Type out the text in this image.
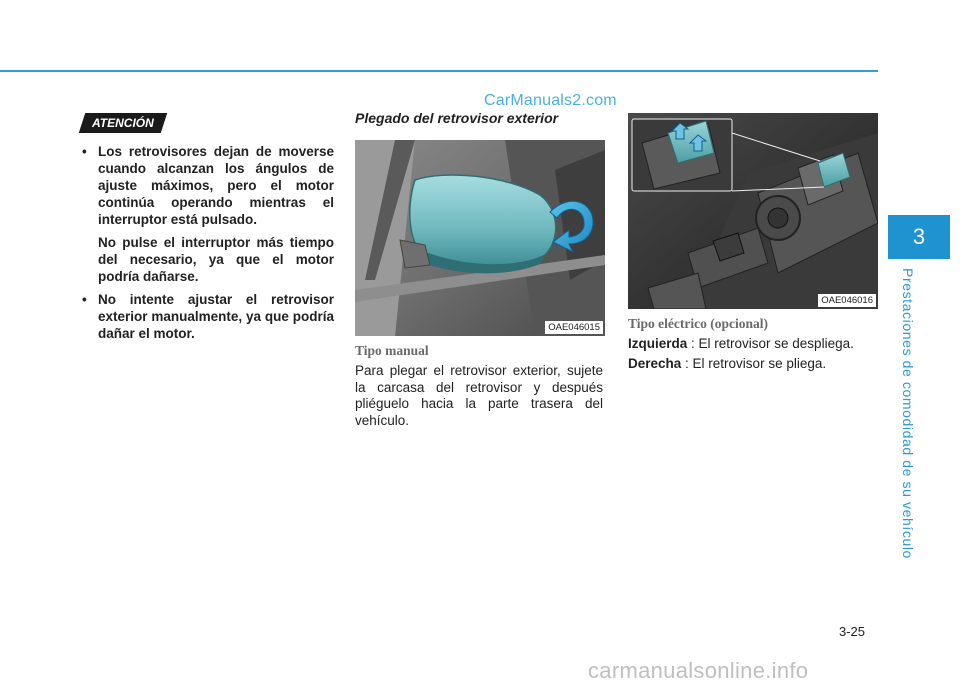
CarManuals2.com
ATENCIÓN

• Los retrovisores dejan de moverse cuando alcanzan los ángulos de ajuste máximos, pero el motor continúa operando mientras el interruptor está pulsado.

No pulse el interruptor más tiempo del necesario, ya que el motor podría dañarse.

• No intente ajustar el retrovisor exterior manualmente, ya que podría dañar el motor.

Plegado del retrovisor exterior
OAE046015
Tipo manual
Para plegar el retrovisor exterior, sujete la carcasa del retrovisor y después pliéguelo hacia la parte trasera del vehículo.
OAE046016
Tipo eléctrico (opcional)
Izquierda : El retrovisor se despliega.
Derecha : El retrovisor se pliega.
3
Prestaciones de comodidad de su vehículo
3-25
carmanualsonline.info
